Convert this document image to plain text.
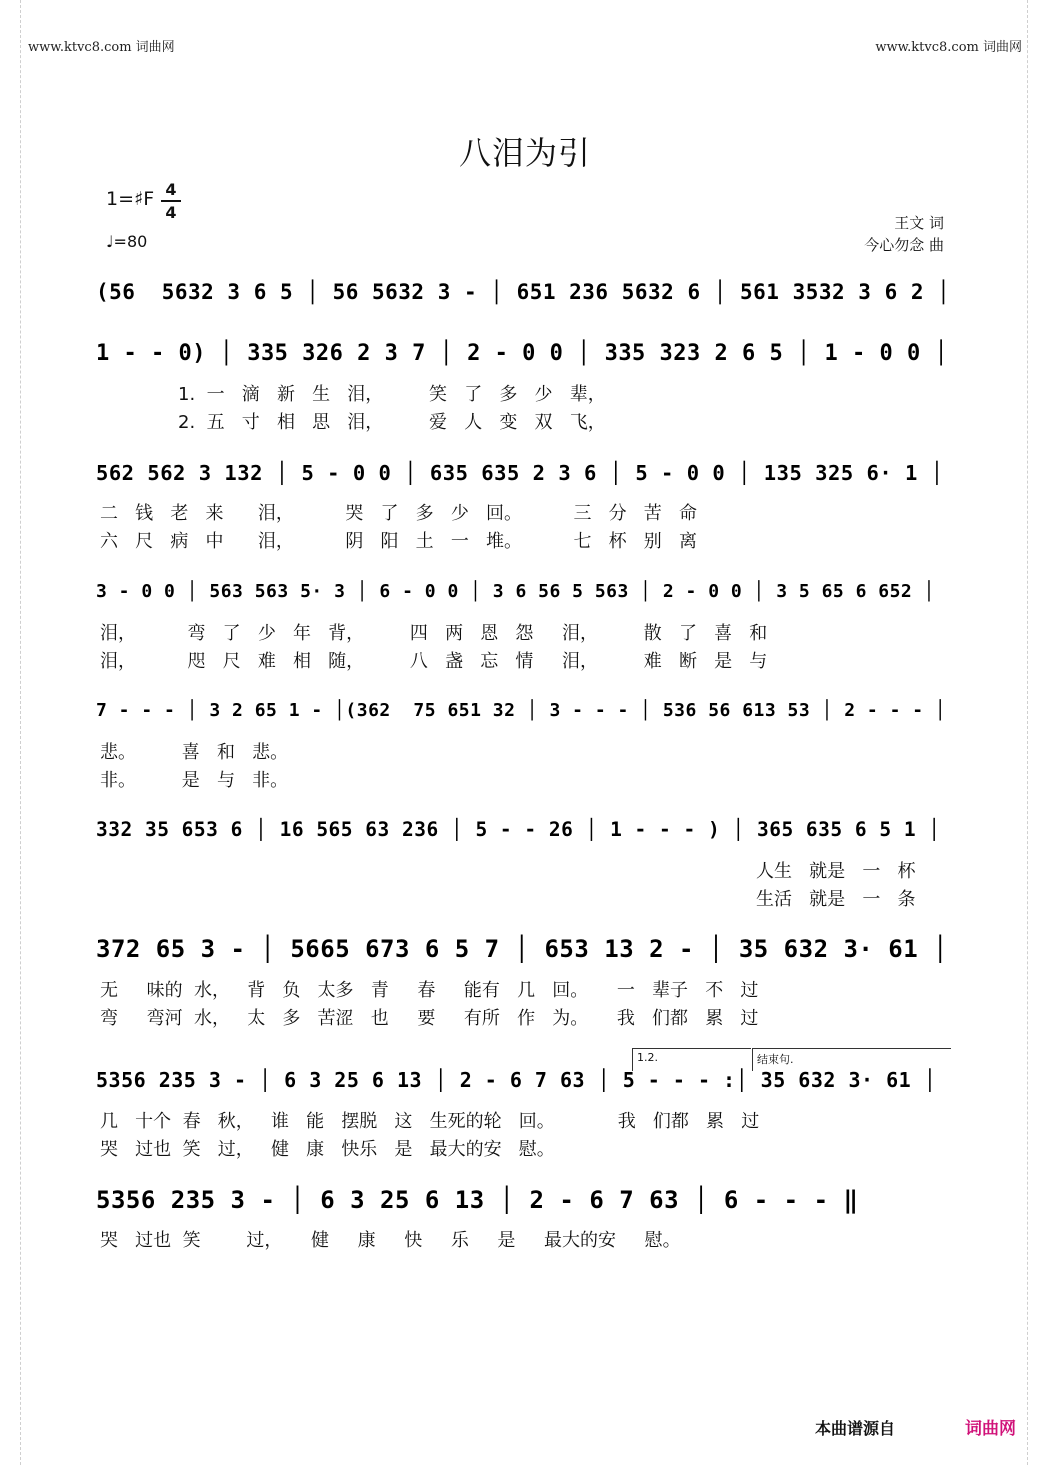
www.ktvc8.com 词曲网	www.ktvc8.com 词曲网
八泪为引
1=♯F 4
4
♩=80
王文 词
今心勿念 曲
(56  5632 3 6 5 │ 56 5632 3 - │ 651 236 5632 6 │ 561 3532 3 6 2 │
1 - - 0) │ 335 326 2 3 7 │ 2 - 0 0 │ 335 323 2 6 5 │ 1 - 0 0 │
1.  一   滴   新   生   泪，        笑   了   多   少   辈，
2.  五   寸   相   思   泪，        爱   人   变   双   飞，
562 562 3 132 │ 5 - 0 0 │ 635 635 2 3 6 │ 5 - 0 0 │ 135 325 6· 1 │
二   钱   老   来      泪，         哭   了   多   少   回。         三   分   苦   命
六   尺   病   中      泪，         阴   阳   土   一   堆。         七   杯   别   离
3 - 0 0 │ 563 563 5· 3 │ 6 - 0 0 │ 3 6 56 5 563 │ 2 - 0 0 │ 3 5 65 6 652 │
泪，         弯   了   少   年   背，        四   两   恩   怨     泪，        散   了   喜   和
泪，         咫   尺   难   相   随，        八   盏   忘   情     泪，        难   断   是   与
7 - - - │ 3 2 65 1 - │(362  75 651 32 │ 3 - - - │ 536 56 613 53 │ 2 - - - │
悲。        喜   和   悲。
非。        是   与   非。
332 35 653 6 │ 16 565 63 236 │ 5 - - 26 │ 1 - - - ) │ 365 635 6 5 1 │
人生   就是   一   杯
生活   就是   一   条
372 65 3 - │ 5665 673 6 5 7 │ 653 13 2 - │ 35 632 3· 61 │
无     味的  水，   背   负   太多   青     春     能有   几   回。     一   辈子   不   过
弯     弯河  水，   太   多   苦涩   也     要     有所   作   为。     我   们都   累   过
1.2.	结束句.
5356 235 3 - │ 6 3 25 6 13 │ 2 - 6 7 63 │ 5 - - - :│ 35 632 3· 61 │
几   十个  春   秋，   谁   能   摆脱   这   生死的轮   回。           我   们都   累   过
哭   过也  笑   过，   健   康   快乐   是   最大的安   慰。
5356 235 3 - │ 6 3 25 6 13 │ 2 - 6 7 63 │ 6 - - - ‖
哭   过也  笑        过，     健     康     快     乐     是     最大的安     慰。
本曲谱源自	词曲网
